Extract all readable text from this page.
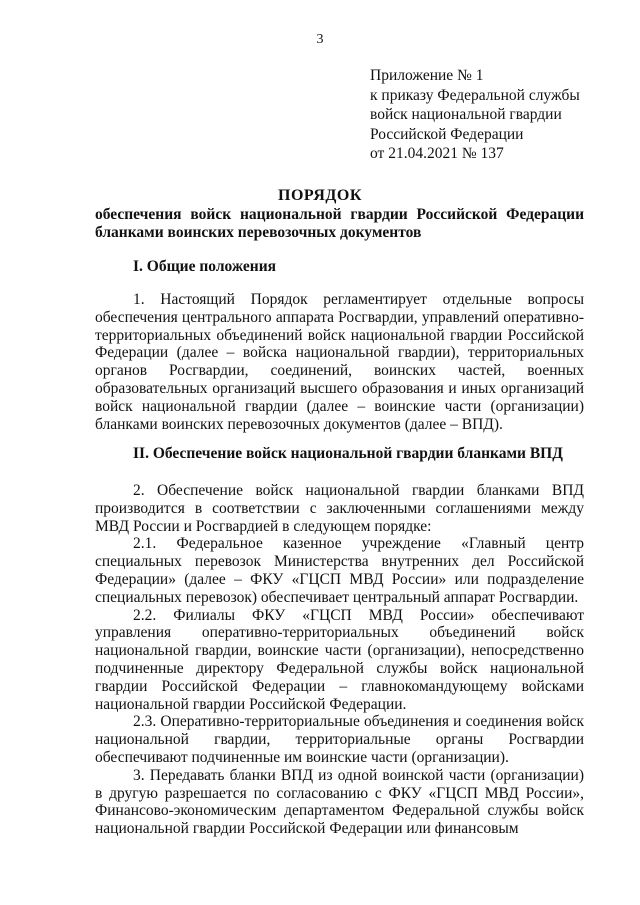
3
Приложение № 1
к приказу Федеральной службы
войск национальной гвардии
Российской Федерации
от 21.04.2021 № 137
ПОРЯДОК
обеспечения войск национальной гвардии Российской Федерации бланками воинских перевозочных документов
I. Общие положения

1. Настоящий Порядок регламентирует отдельные вопросы обеспечения центрального аппарата Росгвардии, управлений оперативно-территориальных объединений войск национальной гвардии Российской Федерации (далее – войска национальной гвардии), территориальных органов Росгвардии, соединений, воинских частей, военных образовательных организаций высшего образования и иных организаций войск национальной гвардии (далее – воинские части (организации) бланками воинских перевозочных документов (далее – ВПД).

II. Обеспечение войск национальной гвардии бланками ВПД

2. Обеспечение войск национальной гвардии бланками ВПД производится в соответствии с заключенными соглашениями между МВД России и Росгвардией в следующем порядке:

2.1. Федеральное казенное учреждение «Главный центр специальных перевозок Министерства внутренних дел Российской Федерации» (далее – ФКУ «ГЦСП МВД России» или подразделение специальных перевозок) обеспечивает центральный аппарат Росгвардии.

2.2. Филиалы ФКУ «ГЦСП МВД России» обеспечивают управления оперативно-территориальных объединений войск национальной гвардии, воинские части (организации), непосредственно подчиненные директору Федеральной службы войск национальной гвардии Российской Федерации – главнокомандующему войсками национальной гвардии Российской Федерации.

2.3. Оперативно-территориальные объединения и соединения войск национальной гвардии, территориальные органы Росгвардии обеспечивают подчиненные им воинские части (организации).

3. Передавать бланки ВПД из одной воинской части (организации) в другую разрешается по согласованию с ФКУ «ГЦСП МВД России», Финансово-экономическим департаментом Федеральной службы войск национальной гвардии Российской Федерации или финансовым
